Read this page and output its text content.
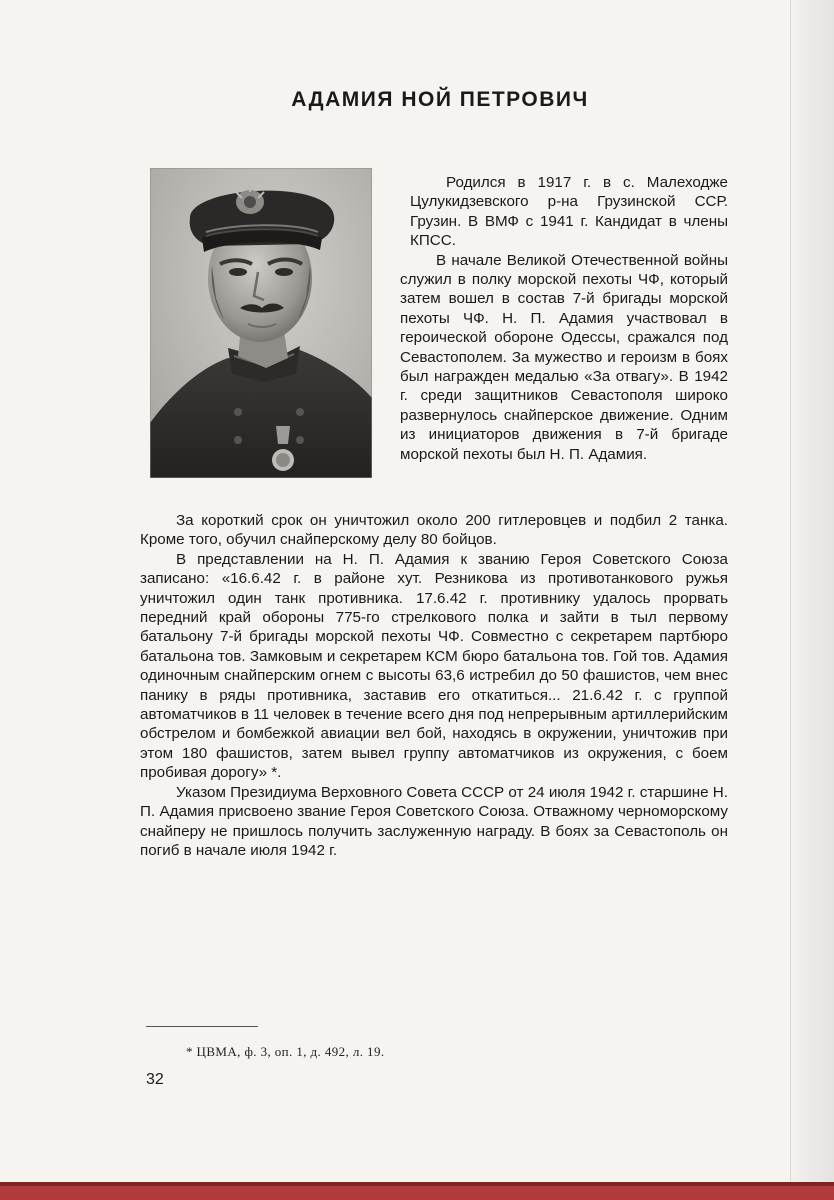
АДАМИЯ НОЙ ПЕТРОВИЧ

Родился в 1917 г. в с. Малеходже Цулукидзевского р-на Грузинской ССР. Грузин. В ВМФ с 1941 г. Кандидат в члены КПСС.

В начале Великой Отечественной войны служил в полку морской пехоты ЧФ, который затем вошел в состав 7-й бригады морской пехоты ЧФ. Н. П. Адамия участвовал в героической обороне Одессы, сражался под Севастополем. За мужество и героизм в боях был награжден медалью «За отвагу». В 1942 г. среди защитников Севастополя широко развернулось снайперское движение. Одним из инициаторов движения в 7-й бригаде морской пехоты был Н. П. Адамия.

За короткий срок он уничтожил около 200 гитлеровцев и подбил 2 танка. Кроме того, обучил снайперскому делу 80 бойцов.

В представлении на Н. П. Адамия к званию Героя Советского Союза записано: «16.6.42 г. в районе хут. Резникова из противотанкового ружья уничтожил один танк противника. 17.6.42 г. противнику удалось прорвать передний край обороны 775-го стрелкового полка и зайти в тыл первому батальону 7-й бригады морской пехоты ЧФ. Совместно с секретарем партбюро батальона тов. Замковым и секретарем КСМ бюро батальона тов. Гой тов. Адамия одиночным снайперским огнем с высоты 63,6 истребил до 50 фашистов, чем внес панику в ряды противника, заставив его откатиться... 21.6.42 г. с группой автоматчиков в 11 человек в течение всего дня под непрерывным артиллерийским обстрелом и бомбежкой авиации вел бой, находясь в окружении, уничтожив при этом 180 фашистов, затем вывел группу автоматчиков из окружения, с боем пробивая дорогу» *.

Указом Президиума Верховного Совета СССР от 24 июля 1942 г. старшине Н. П. Адамия присвоено звание Героя Советского Союза. Отважному черноморскому снайперу не пришлось получить заслуженную награду. В боях за Севастополь он погиб в начале июля 1942 г.

* ЦВМА, ф. 3, оп. 1, д. 492, л. 19.
32
